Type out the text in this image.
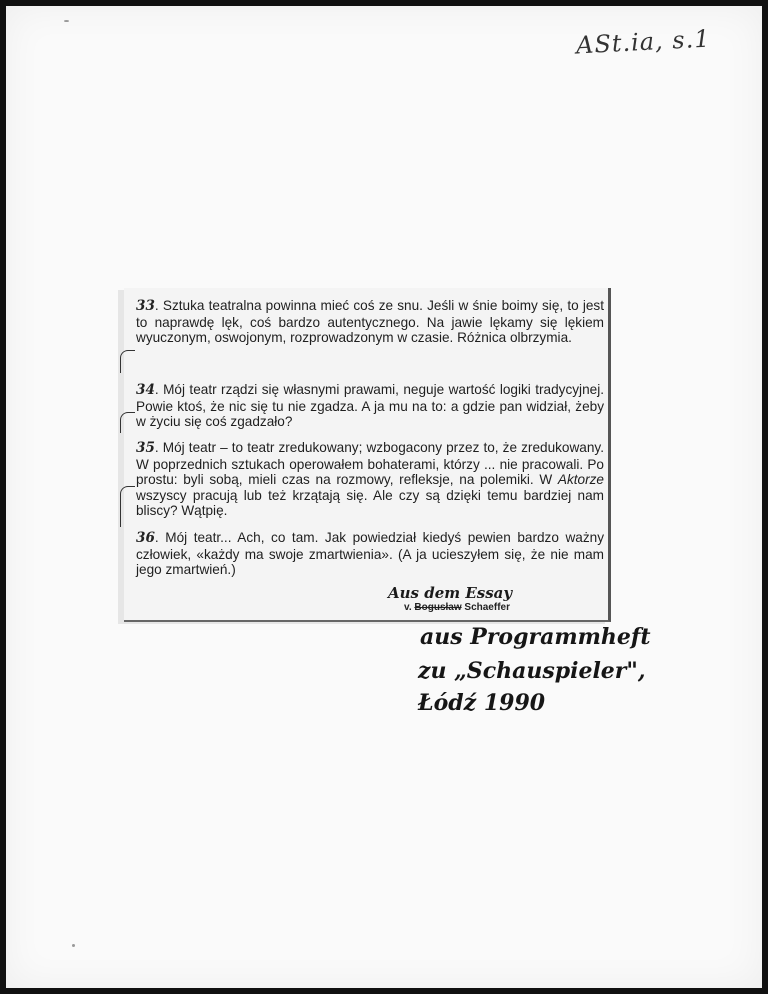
ASt.ia, s.1
33. Sztuka teatralna powinna mieć coś ze snu. Jeśli w śnie boimy się, to jest to naprawdę lęk, coś bardzo autentycznego. Na jawie lękamy się lękiem wyuczonym, oswojonym, rozprowadzonym w czasie. Różnica olbrzymia.
34. Mój teatr rządzi się własnymi prawami, neguje wartość logiki tradycyjnej. Powie ktoś, że nic się tu nie zgadza. A ja mu na to: a gdzie pan widział, żeby w życiu się coś zgadzało?
35. Mój teatr – to teatr zredukowany; wzbogacony przez to, że zredukowany. W poprzednich sztukach operowałem bohaterami, którzy ... nie pracowali. Po prostu: byli sobą, mieli czas na rozmowy, refleksje, na polemiki. W Aktorze wszyscy pracują lub też krzątają się. Ale czy są dzięki temu bardziej nam bliscy? Wątpię.
36. Mój teatr... Ach, co tam. Jak powiedział kiedyś pewien bardzo ważny człowiek, «każdy ma swoje zmartwienia». (A ja ucieszyłem się, że nie mam jego zmartwień.)
Aus dem Essay
v. Bogusław Schaeffer
aus Programmheft
zu „Schauspieler",
Łódź 1990
